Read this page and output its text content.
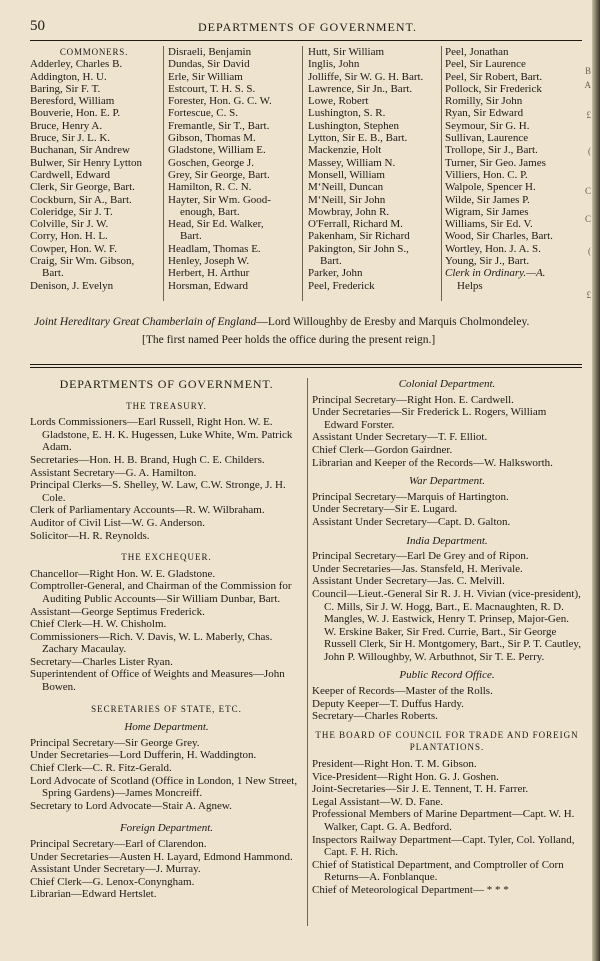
50	DEPARTMENTS OF GOVERNMENT.
COMMONERS.
Adderley, Charles B.
Addington, H. U.
Baring, Sir F. T.
Beresford, William
Bouverie, Hon. E. P.
Bruce, Henry A.
Bruce, Sir J. L. K.
Buchanan, Sir Andrew
Bulwer, Sir Henry Lytton
Cardwell, Edward
Clerk, Sir George, Bart.
Cockburn, Sir A., Bart.
Coleridge, Sir J. T.
Colville, Sir J. W.
Corry, Hon. H. L.
Cowper, Hon. W. F.
Craig, Sir Wm. Gibson,
Bart.
Denison, J. Evelyn
Disraeli, Benjamin
Dundas, Sir David
Erle, Sir William
Estcourt, T. H. S. S.
Forester, Hon. G. C. W.
Fortescue, C. S.
Fremantle, Sir T., Bart.
Gibson, Thomas M.
Gladstone, William E.
Goschen, George J.
Grey, Sir George, Bart.
Hamilton, R. C. N.
Hayter, Sir Wm. Good-
enough, Bart.
Head, Sir Ed. Walker,
Bart.
Headlam, Thomas E.
Henley, Joseph W.
Herbert, H. Arthur
Horsman, Edward
Hutt, Sir William
Inglis, John
Jolliffe, Sir W. G. H. Bart.
Lawrence, Sir Jn., Bart.
Lowe, Robert
Lushington, S. R.
Lushington, Stephen
Lytton, Sir E. B., Bart.
Mackenzie, Holt
Massey, William N.
Monsell, William
M‘Neill, Duncan
M‘Neill, Sir John
Mowbray, John R.
O'Ferrall, Richard M.
Pakenham, Sir Richard
Pakington, Sir John S.,
Bart.
Parker, John
Peel, Frederick
Peel, Jonathan
Peel, Sir Laurence
Peel, Sir Robert, Bart.
Pollock, Sir Frederick
Romilly, Sir John
Ryan, Sir Edward
Seymour, Sir G. H.
Sullivan, Laurence
Trollope, Sir J., Bart.
Turner, Sir Geo. James
Villiers, Hon. C. P.
Walpole, Spencer H.
Wilde, Sir James P.
Wigram, Sir James
Williams, Sir Ed. V.
Wood, Sir Charles, Bart.
Wortley, Hon. J. A. S.
Young, Sir J., Bart.
Clerk in Ordinary.—A.
Helps
Joint Hereditary Great Chamberlain of England—Lord Willoughby de Eresby and Marquis Cholmondeley.
[The first named Peer holds the office during the present reign.]
DEPARTMENTS OF GOVERNMENT.
THE TREASURY.

Lords Commissioners—Earl Russell, Right Hon. W. E. Gladstone, E. H. K. Hugessen, Luke White, Wm. Patrick Adam.

Secretaries—Hon. H. B. Brand, Hugh C. E. Childers.

Assistant Secretary—G. A. Hamilton.

Principal Clerks—S. Shelley, W. Law, C.W. Stronge, J. H. Cole.

Clerk of Parliamentary Accounts—R. W. Wilbraham.

Auditor of Civil List—W. G. Anderson.

Solicitor—H. R. Reynolds.

THE EXCHEQUER.

Chancellor—Right Hon. W. E. Gladstone.

Comptroller-General, and Chairman of the Commission for Auditing Public Accounts—Sir William Dunbar, Bart.

Assistant—George Septimus Frederick.

Chief Clerk—H. W. Chisholm.

Commissioners—Rich. V. Davis, W. L. Maberly, Chas. Zachary Macaulay.

Secretary—Charles Lister Ryan.

Superintendent of Office of Weights and Measures—John Bowen.

SECRETARIES OF STATE, ETC.
Home Department.

Principal Secretary—Sir George Grey.

Under Secretaries—Lord Dufferin, H. Waddington.

Chief Clerk—C. R. Fitz-Gerald.

Lord Advocate of Scotland (Office in London, 1 New Street, Spring Gardens)—James Moncreiff.

Secretary to Lord Advocate—Stair A. Agnew.

Foreign Department.

Principal Secretary—Earl of Clarendon.

Under Secretaries—Austen H. Layard, Edmond Hammond.

Assistant Under Secretary—J. Murray.

Chief Clerk—G. Lenox-Conyngham.

Librarian—Edward Hertslet.

Colonial Department.

Principal Secretary—Right Hon. E. Cardwell.

Under Secretaries—Sir Frederick L. Rogers, William Edward Forster.

Assistant Under Secretary—T. F. Elliot.

Chief Clerk—Gordon Gairdner.

Librarian and Keeper of the Records—W. Halksworth.

War Department.

Principal Secretary—Marquis of Hartington.

Under Secretary—Sir E. Lugard.

Assistant Under Secretary—Capt. D. Galton.

India Department.

Principal Secretary—Earl De Grey and of Ripon.

Under Secretaries—Jas. Stansfeld, H. Merivale.

Assistant Under Secretary—Jas. C. Melvill.

Council—Lieut.-General Sir R. J. H. Vivian (vice-president), C. Mills, Sir J. W. Hogg, Bart., E. Macnaughten, R. D. Mangles, W. J. Eastwick, Henry T. Prinsep, Major-Gen. W. Erskine Baker, Sir Fred. Currie, Bart., Sir George Russell Clerk, Sir H. Montgomery, Bart., Sir P. T. Cautley, John P. Willoughby, W. Arbuthnot, Sir T. E. Perry.

Public Record Office.

Keeper of Records—Master of the Rolls.

Deputy Keeper—T. Duffus Hardy.

Secretary—Charles Roberts.

THE BOARD OF COUNCIL FOR TRADE AND FOREIGN PLANTATIONS.

President—Right Hon. T. M. Gibson.

Vice-President—Right Hon. G. J. Goshen.

Joint-Secretaries—Sir J. E. Tennent, T. H. Farrer.

Legal Assistant—W. D. Fane.

Professional Members of Marine Department—Capt. W. H. Walker, Capt. G. A. Bedford.

Inspectors Railway Department—Capt. Tyler, Col. Yolland, Capt. F. H. Rich.

Chief of Statistical Department, and Comptroller of Corn Returns—A. Fonblanque.

Chief of Meteorological Department— * * *

B
A
£
(
C
C
(
£
